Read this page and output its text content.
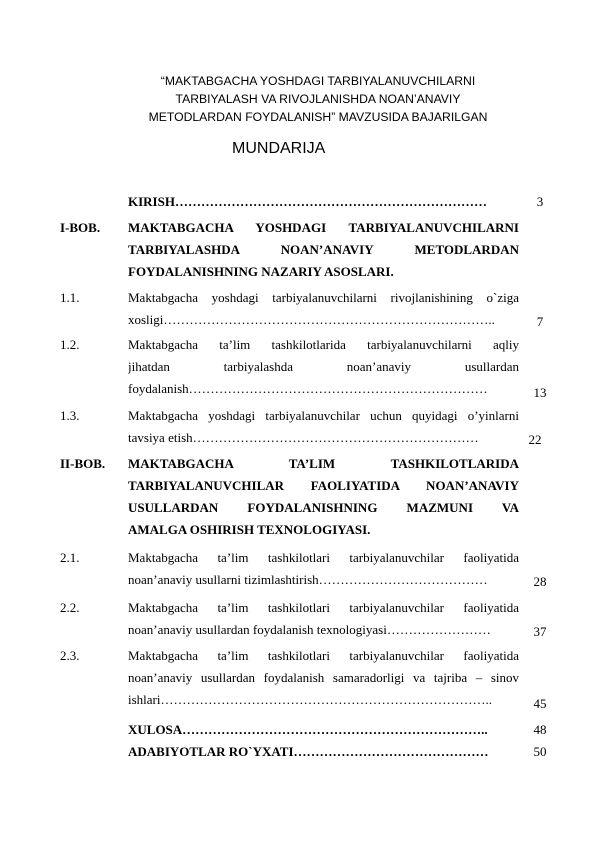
“MAKTABGACHA YOSHDAGI TARBIYALANUVCHILARNI
TARBIYALASH VA RIVOJLANISHDA NOAN’ANAVIY
METODLARDAN FOYDALANISH” MAVZUSIDA BAJARILGAN
MUNDARIJA
KIRISH………………………………………………………………	3
I-BOB. MAKTABGACHA YOSHDAGI TARBIYALANUVCHILARNI
TARBIYALASHDA NOAN’ANAVIY METODLARDAN
FOYDALANISHNING NAZARIY ASOSLARI.
1.1.	Maktabgacha yoshdagi tarbiyalanuvchilarni rivojlanishining o`ziga
xosligi…………………………………………………………………..	7
1.2.	Maktabgacha ta’lim tashkilotlarida tarbiyalanuvchilarni aqliy
jihatdan tarbiyalashda noan’anaviy usullardan
foydalanish……………………………………………………………	13
1.3.	Maktabgacha yoshdagi tarbiyalanuvchilar uchun quyidagi o’yinlarni
tavsiya etish…………………………………………………………	22
II-BOB. MAKTABGACHA TA’LIM TASHKILOTLARIDA
TARBIYALANUVCHILAR FAOLIYATIDA NOAN’ANAVIY
USULLARDAN FOYDALANISHNING MAZMUNI VA
AMALGA OSHIRISH TEXNOLOGIYASI.
2.1.	Maktabgacha ta’lim tashkilotlari tarbiyalanuvchilar faoliyatida
noan’anaviy usullarni tizimlashtirish…………………………………	28
2.2.	Maktabgacha ta’lim tashkilotlari tarbiyalanuvchilar faoliyatida
noan’anaviy usullardan foydalanish texnologiyasi……………………	37
2.3.	Maktabgacha ta’lim tashkilotlari tarbiyalanuvchilar faoliyatida
noan’anaviy usullardan foydalanish samaradorligi va tajriba – sinov
ishlari…………………………………………………………………..	45
XULOSA……………………………………………………………..	48
ADABIYOTLAR RO`YXATI………………………………………	50
